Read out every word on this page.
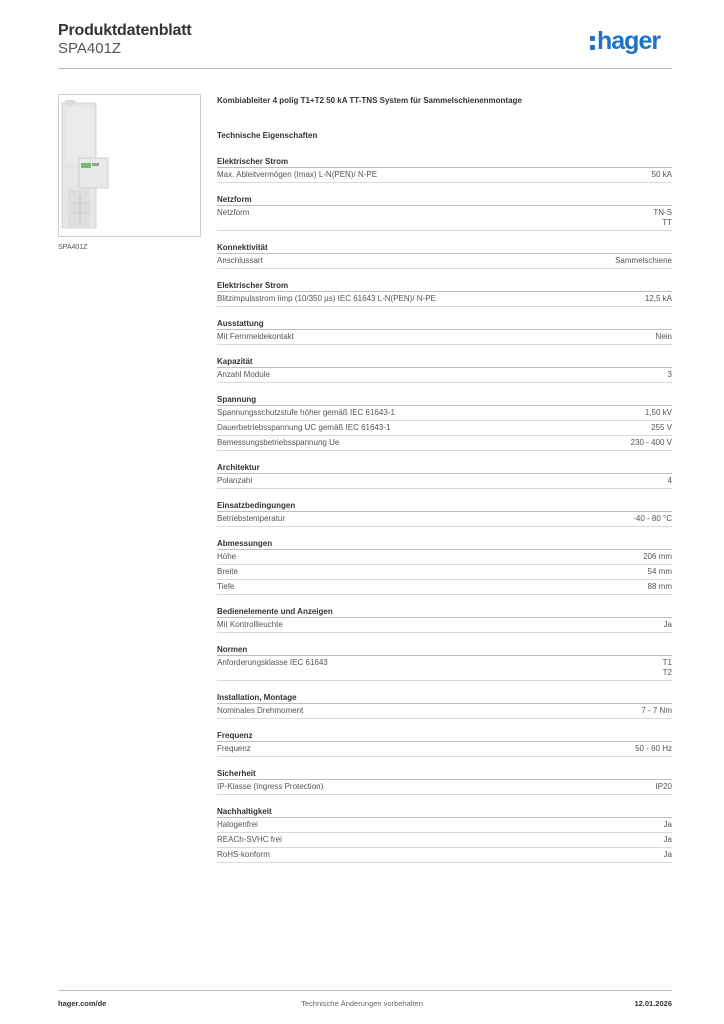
Produktdatenblatt
SPA401Z	hager
SPA401Z
Kombiableiter 4 polig T1+T2 50 kA TT-TNS System für Sammelschienenmontage
Technische Eigenschaften
Elektrischer Strom
Max. Ableitvermögen (Imax) L-N(PEN)/ N-PE	50 kA
Netzform
Netzform	TN-S
TT
Konnektivität
Anschlussart	Sammelschiene
Elektrischer Strom
Blitzimpulsstrom Iimp (10/350 µs) IEC 61643 L-N(PEN)/ N-PE	12,5 kA
Ausstattung
Mit Fernmeldekontakt	Nein
Kapazität
Anzahl Module	3
Spannung
Spannungsschutzstufe höher gemäß IEC 61643-1	1,50 kV
Dauerbetriebsspannung UC gemäß IEC 61643-1	255 V
Bemessungsbetriebsspannung Ue	230 - 400 V
Architektur
Polanzahl	4
Einsatzbedingungen
Betriebstemperatur	-40 - 80 °C
Abmessungen
Höhe	206 mm
Breite	54 mm
Tiefe	88 mm
Bedienelemente und Anzeigen
Mit Kontrollleuchte	Ja
Normen
Anforderungsklasse IEC 61643	T1
T2
Installation, Montage
Nominales Drehmoment	7 - 7 Nm
Frequenz
Frequenz	50 - 60 Hz
Sicherheit
IP-Klasse (Ingress Protection)	IP20
Nachhaltigkeit
Halogenfrei	Ja
REACh-SVHC frei	Ja
RoHS-konform	Ja
hager.com/de	Technische Änderungen vorbehalten	12.01.2026
